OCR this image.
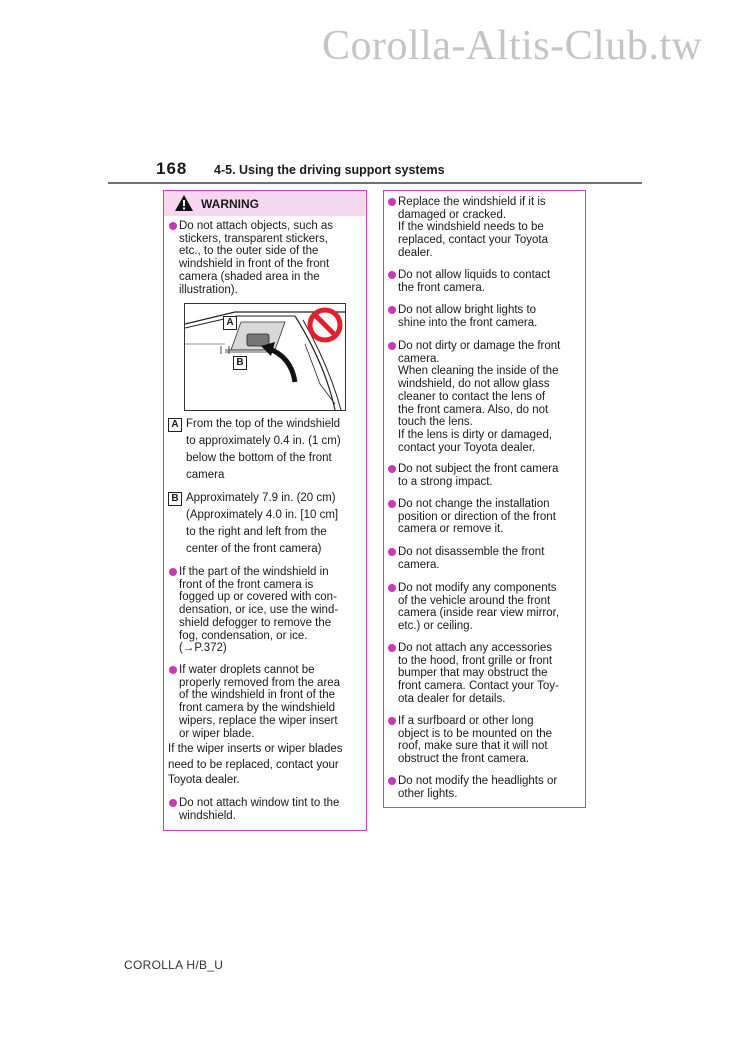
Corolla-Altis-Club.tw
168 4-5. Using the driving support systems
WARNING
Do not attach objects, such as
stickers, transparent stickers,
etc., to the outer side of the
windshield in front of the front
camera (shaded area in the
illustration).
A
B
A From the top of the windshield
to approximately 0.4 in. (1 cm)
below the bottom of the front
camera
B Approximately 7.9 in. (20 cm)
(Approximately 4.0 in. [10 cm]
to the right and left from the
center of the front camera)
If the part of the windshield in
front of the front camera is
fogged up or covered with con-
densation, or ice, use the wind-
shield defogger to remove the
fog, condensation, or ice.
(→P.372)
If water droplets cannot be
properly removed from the area
of the windshield in front of the
front camera by the windshield
wipers, replace the wiper insert
or wiper blade.
If the wiper inserts or wiper blades
need to be replaced, contact your
Toyota dealer.
Do not attach window tint to the
windshield.
Replace the windshield if it is
damaged or cracked.
If the windshield needs to be
replaced, contact your Toyota
dealer.
Do not allow liquids to contact
the front camera.
Do not allow bright lights to
shine into the front camera.
Do not dirty or damage the front
camera.
When cleaning the inside of the
windshield, do not allow glass
cleaner to contact the lens of
the front camera. Also, do not
touch the lens.
If the lens is dirty or damaged,
contact your Toyota dealer.
Do not subject the front camera
to a strong impact.
Do not change the installation
position or direction of the front
camera or remove it.
Do not disassemble the front
camera.
Do not modify any components
of the vehicle around the front
camera (inside rear view mirror,
etc.) or ceiling.
Do not attach any accessories
to the hood, front grille or front
bumper that may obstruct the
front camera. Contact your Toy-
ota dealer for details.
If a surfboard or other long
object is to be mounted on the
roof, make sure that it will not
obstruct the front camera.
Do not modify the headlights or
other lights.
COROLLA H/B_U
